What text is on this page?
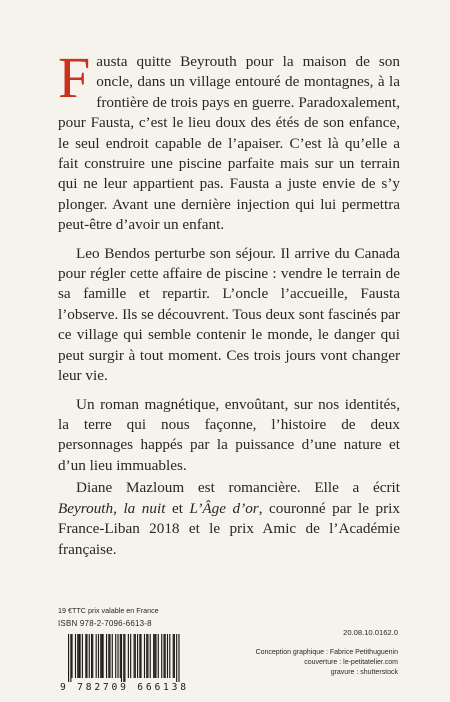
Fausta quitte Beyrouth pour la maison de son oncle, dans un village entouré de montagnes, à la frontière de trois pays en guerre. Paradoxalement, pour Fausta, c’est le lieu doux des étés de son enfance, le seul endroit capable de l’apaiser. C’est là qu’elle a fait construire une piscine parfaite mais sur un terrain qui ne leur appartient pas. Fausta a juste envie de s’y plonger. Avant une dernière injection qui lui permettra peut-être d’avoir un enfant.

Leo Bendos perturbe son séjour. Il arrive du Canada pour régler cette affaire de piscine : vendre le terrain de sa famille et repartir. L’oncle l’accueille, Fausta l’observe. Ils se découvrent. Tous deux sont fascinés par ce village qui semble contenir le monde, le danger qui peut surgir à tout moment. Ces trois jours vont changer leur vie.

Un roman magnétique, envoûtant, sur nos identités, la terre qui nous façonne, l’histoire de deux personnages happés par la puissance d’une nature et d’un lieu immuables.

Diane Mazloum est romancière. Elle a écrit Beyrouth, la nuit et L’Âge d’or, couronné par le prix France-Liban 2018 et le prix Amic de l’Académie française.

19 €TTC prix valable en France
ISBN 978-2-7096-6613-8
9 782709 666138
20.08.10.0162.0
Conception graphique : Fabrice Petithuguenin
couverture : le-petitatelier.com
gravure : shutterstock
